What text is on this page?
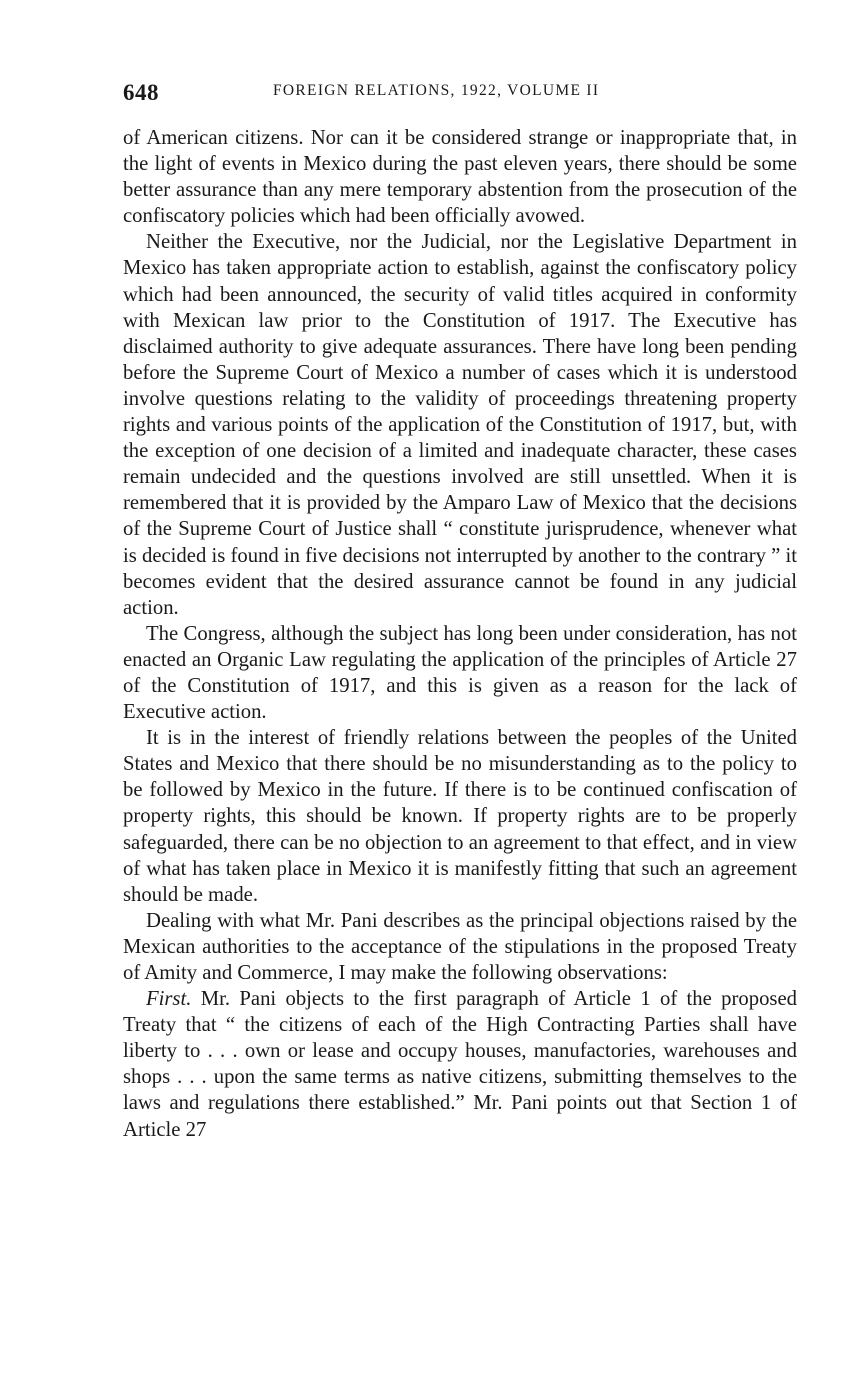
648	FOREIGN RELATIONS, 1922, VOLUME II

of American citizens. Nor can it be considered strange or inappropriate that, in the light of events in Mexico during the past eleven years, there should be some better assurance than any mere temporary abstention from the prosecution of the confiscatory policies which had been officially avowed.

Neither the Executive, nor the Judicial, nor the Legislative Department in Mexico has taken appropriate action to establish, against the confiscatory policy which had been announced, the security of valid titles acquired in conformity with Mexican law prior to the Constitution of 1917. The Executive has disclaimed authority to give adequate assurances. There have long been pending before the Supreme Court of Mexico a number of cases which it is understood involve questions relating to the validity of proceedings threatening property rights and various points of the application of the Constitution of 1917, but, with the exception of one decision of a limited and inadequate character, these cases remain undecided and the questions involved are still unsettled. When it is remembered that it is provided by the Amparo Law of Mexico that the decisions of the Supreme Court of Justice shall “ constitute jurisprudence, whenever what is decided is found in five decisions not interrupted by another to the contrary ” it becomes evident that the desired assurance cannot be found in any judicial action.

The Congress, although the subject has long been under consideration, has not enacted an Organic Law regulating the application of the principles of Article 27 of the Constitution of 1917, and this is given as a reason for the lack of Executive action.

It is in the interest of friendly relations between the peoples of the United States and Mexico that there should be no misunderstanding as to the policy to be followed by Mexico in the future. If there is to be continued confiscation of property rights, this should be known. If property rights are to be properly safeguarded, there can be no objection to an agreement to that effect, and in view of what has taken place in Mexico it is manifestly fitting that such an agreement should be made.

Dealing with what Mr. Pani describes as the principal objections raised by the Mexican authorities to the acceptance of the stipulations in the proposed Treaty of Amity and Commerce, I may make the following observations:

First. Mr. Pani objects to the first paragraph of Article 1 of the proposed Treaty that “ the citizens of each of the High Contracting Parties shall have liberty to . . . own or lease and occupy houses, manufactories, warehouses and shops . . . upon the same terms as native citizens, submitting themselves to the laws and regulations there established.” Mr. Pani points out that Section 1 of Article 27
